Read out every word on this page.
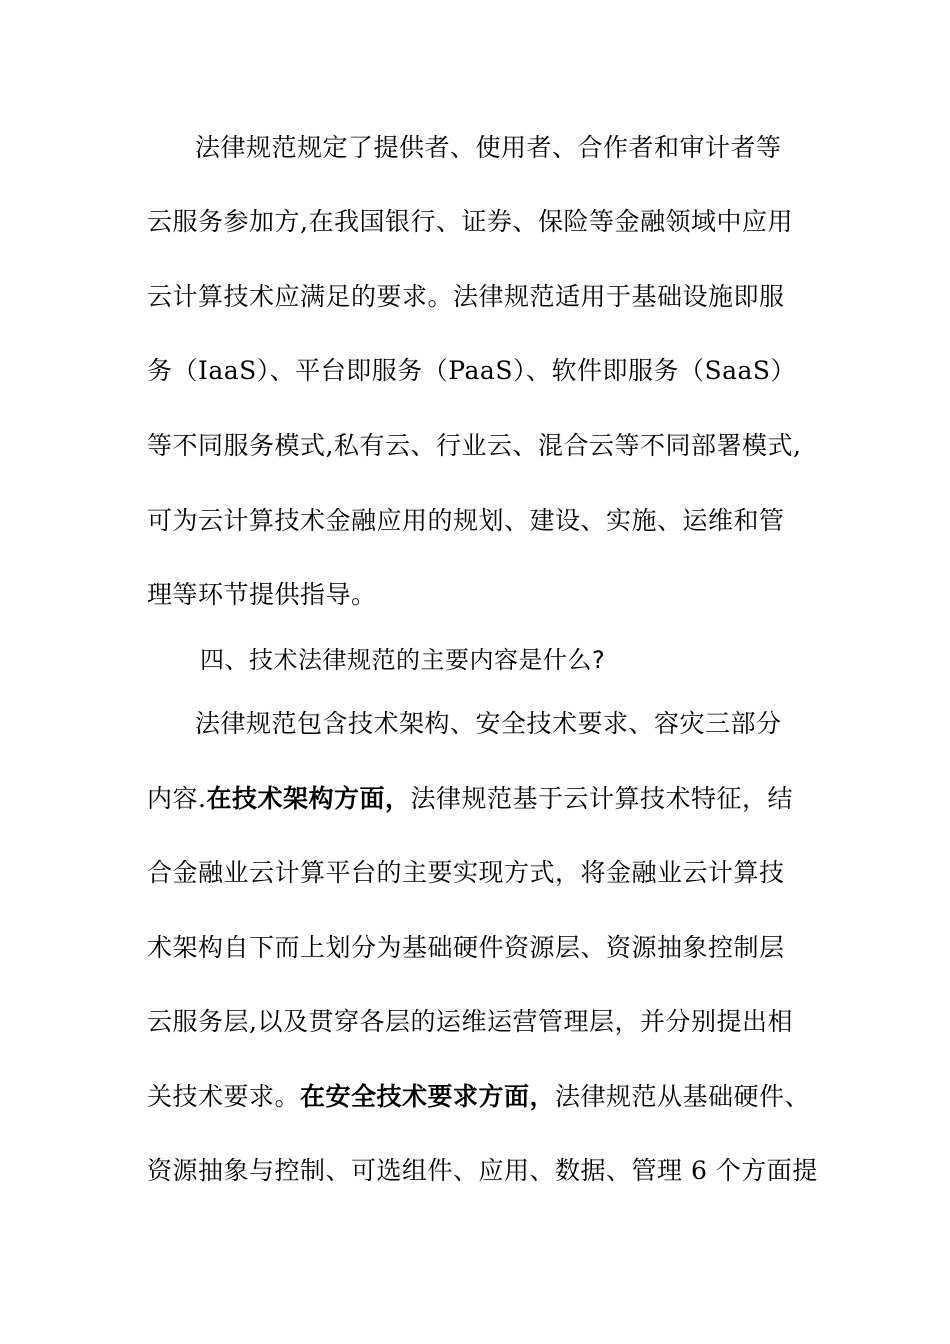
法律规范规定了提供者、使用者、合作者和审计者等
云服务参加方,在我国银行、证券、保险等金融领域中应用
云计算技术应满足的要求。法律规范适用于基础设施即服
务（IaaS）、平台即服务（PaaS）、软件即服务（SaaS）
等不同服务模式,私有云、行业云、混合云等不同部署模式,
可为云计算技术金融应用的规划、建设、实施、运维和管
理等环节提供指导。
四、技术法律规范的主要内容是什么?
法律规范包含技术架构、安全技术要求、容灾三部分
内容.在技术架构方面，法律规范基于云计算技术特征，结
合金融业云计算平台的主要实现方式，将金融业云计算技
术架构自下而上划分为基础硬件资源层、资源抽象控制层
云服务层,以及贯穿各层的运维运营管理层，并分别提出相
关技术要求。在安全技术要求方面，法律规范从基础硬件、
资源抽象与控制、可选组件、应用、数据、管理 6 个方面提
